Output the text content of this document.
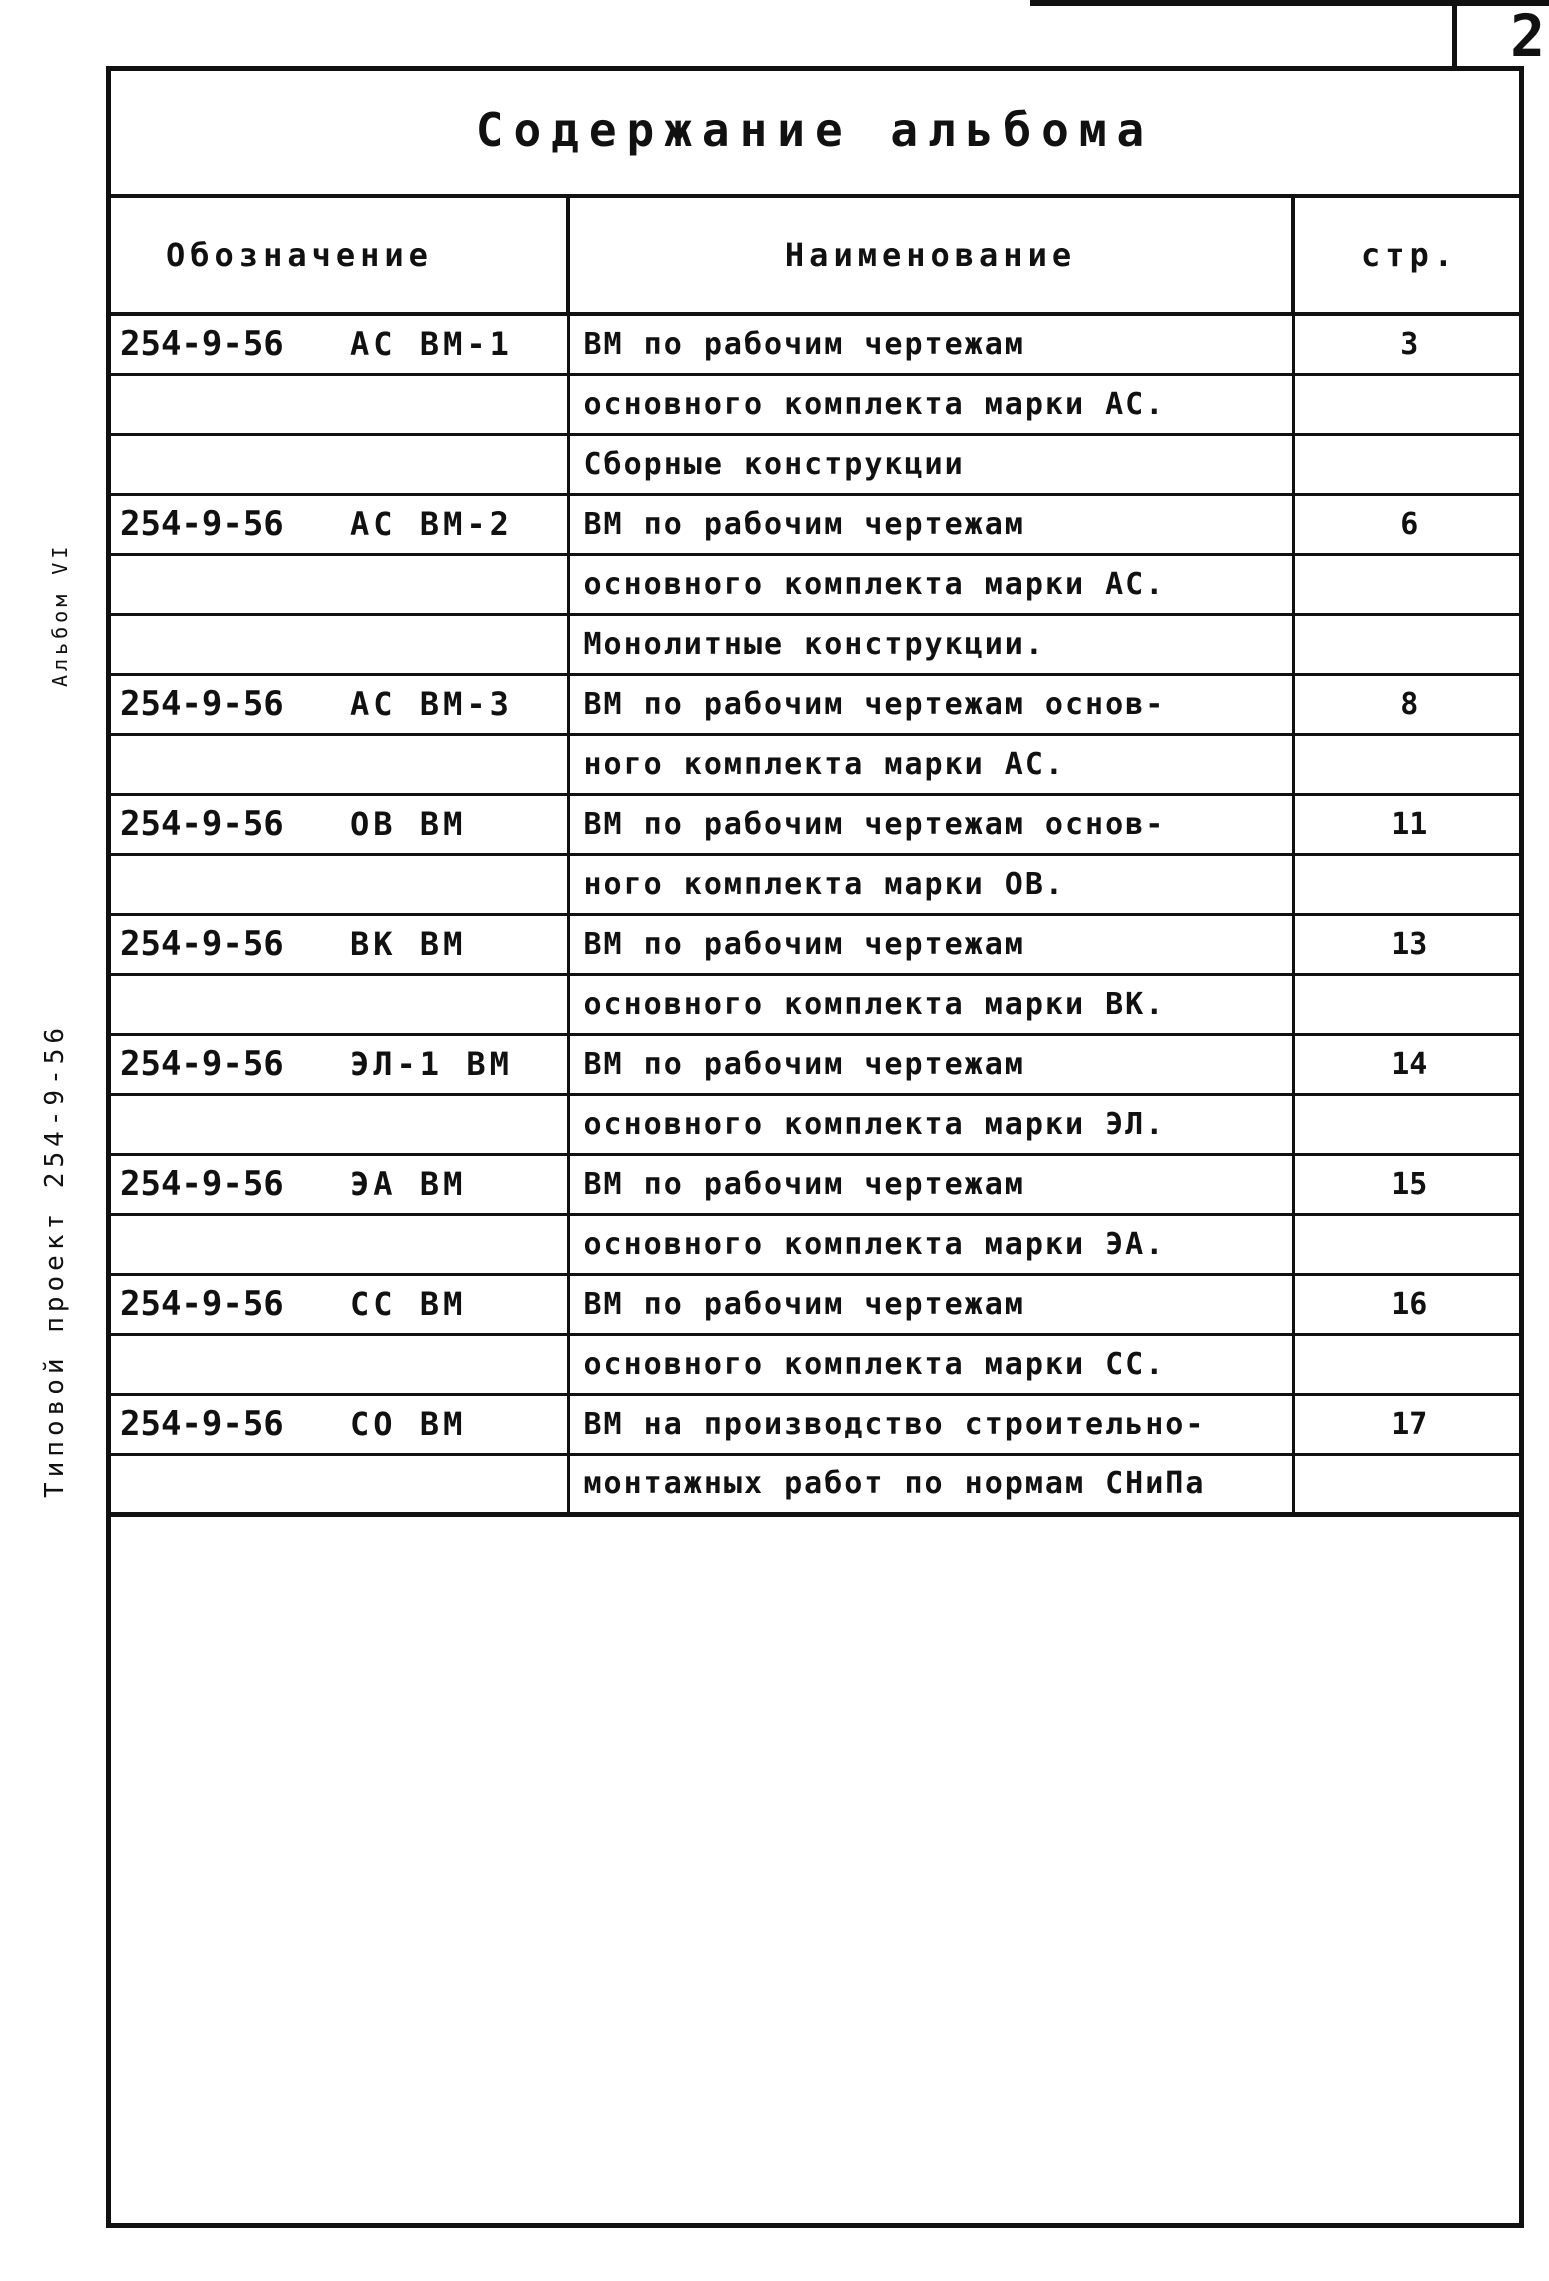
2
Альбом VI
Типовой проект 254-9-56
Содержание альбома
Обозначение	Наименование	стр.
254-9-56 АС ВМ-1	ВМ по рабочим чертежам	3
	основного комплекта марки АС.	
	Сборные конструкции	
254-9-56 АС ВМ-2	ВМ по рабочим чертежам	6
	основного комплекта марки АС.	
	Монолитные конструкции.	
254-9-56 АС ВМ-3	ВМ по рабочим чертежам основ-	8
	ного комплекта марки АС.	
254-9-56 ОВ ВМ	ВМ по рабочим чертежам основ-	11
	ного комплекта марки ОВ.	
254-9-56 ВК ВМ	ВМ по рабочим чертежам	13
	основного комплекта марки ВК.	
254-9-56 ЭЛ-1 ВМ	ВМ по рабочим чертежам	14
	основного комплекта марки ЭЛ.	
254-9-56 ЭА ВМ	ВМ по рабочим чертежам	15
	основного комплекта марки ЭА.	
254-9-56 СС ВМ	ВМ по рабочим чертежам	16
	основного комплекта марки СС.	
254-9-56 СО ВМ	ВМ на производство строительно-	17
	монтажных работ по нормам СНиПа	
